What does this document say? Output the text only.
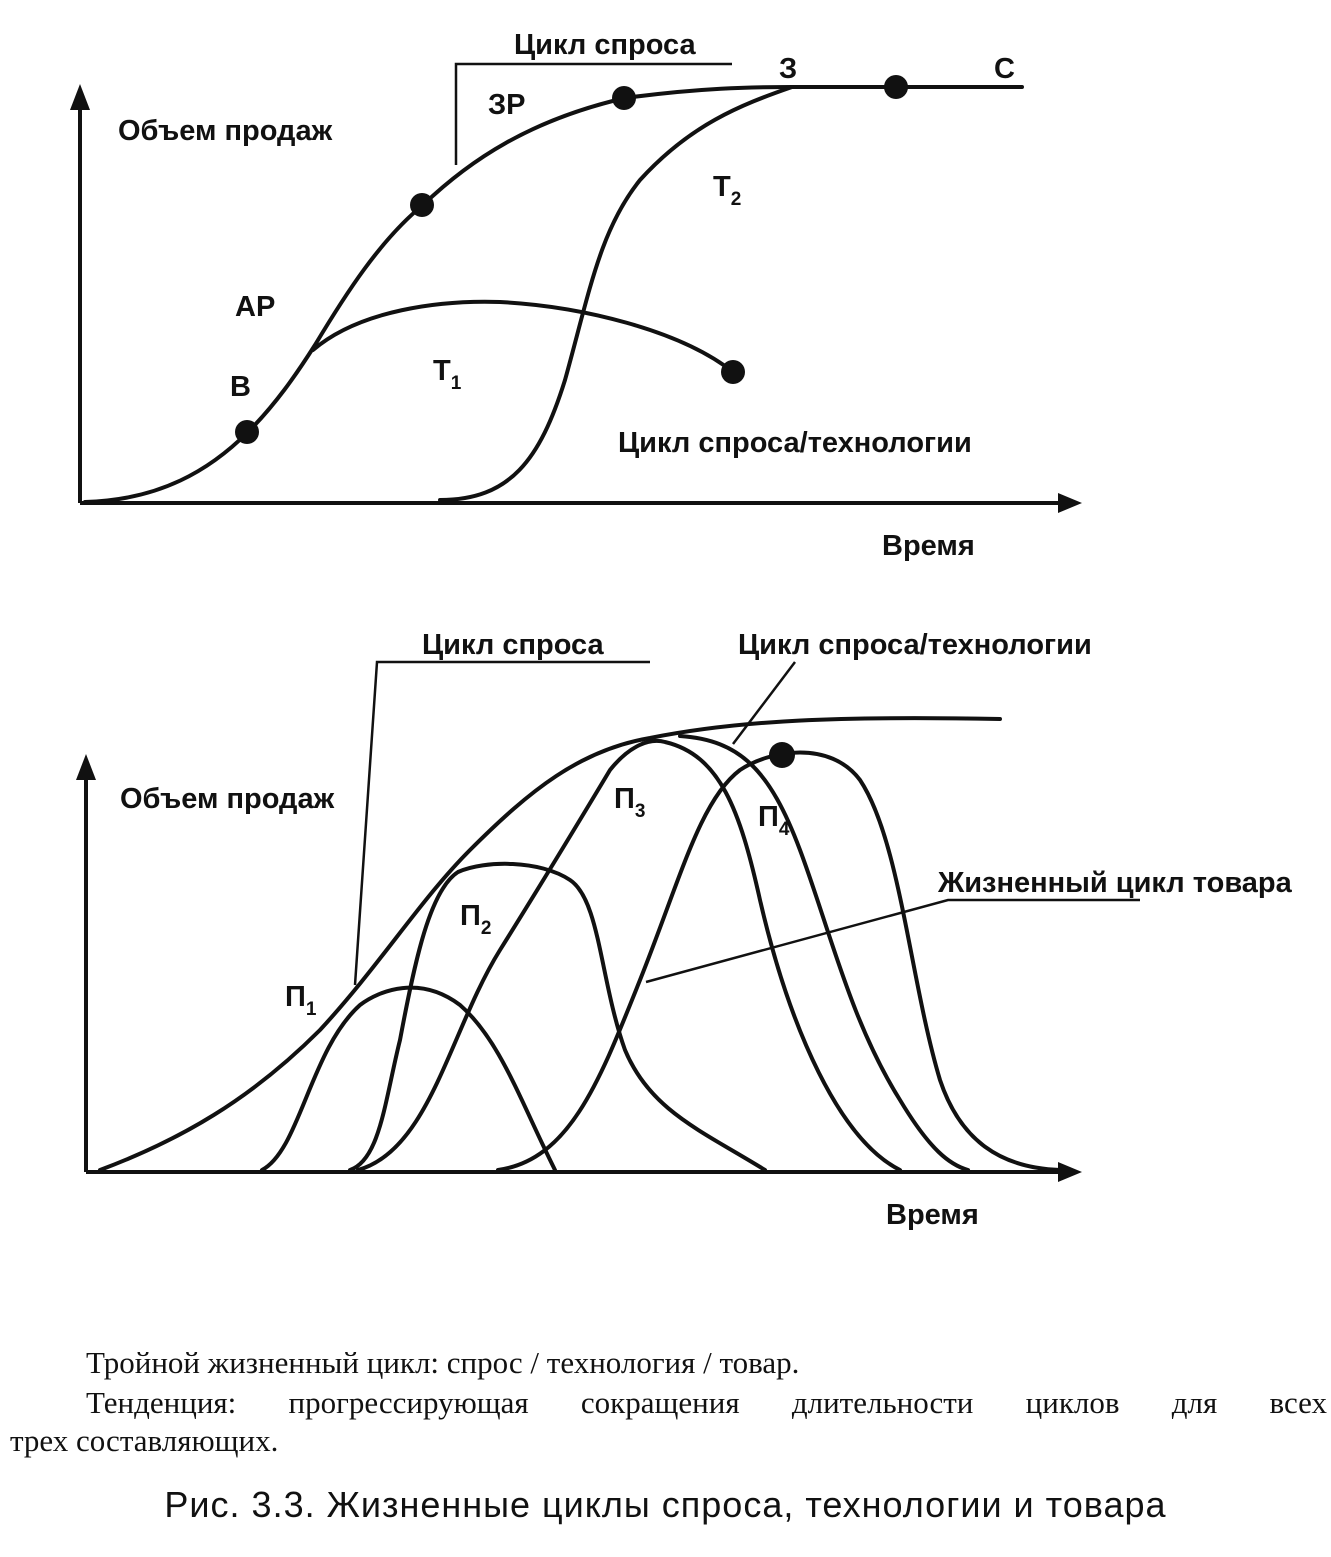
Объем продаж
Время
Цикл спроса
Цикл спроса/технологии
В
АР
ЗР
З	С
$Т_1$
$Т_2$
Объем продаж
Время
Цикл спроса	Цикл спроса/технологии
Жизненный цикл товара
$П_1$
$П_2$
$П_3$	$П_4$
Тройной жизненный цикл: спрос / технология / товар.
Тенденция: прогрессирующая сокращения длительности циклов для всех
трех составляющих.
Рис. 3.3. Жизненные циклы спроса, технологии и товара
